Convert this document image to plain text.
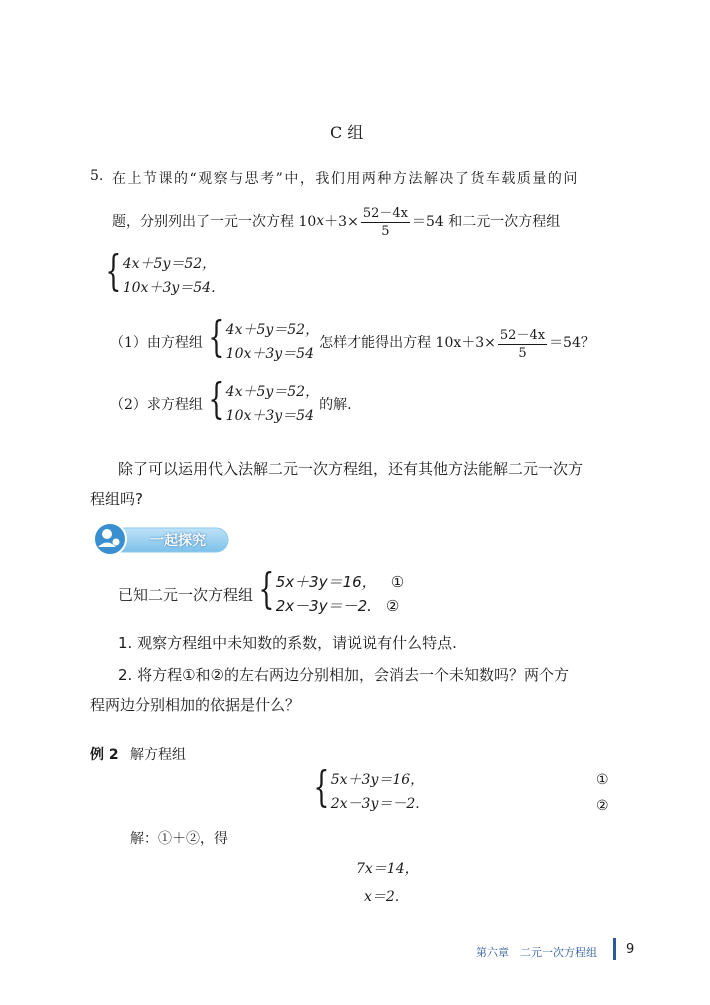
C 组
5. 在上节课的“观察与思考”中，我们用两种方法解决了货车载质量的问
题，分别列出了一元一次方程 10 $x +3\times \frac{52-4x}{5} =54$ 和二元一次方程组
{ 4x＋5y＝52，
10x＋3y＝54.
（1）由方程组 { 4x＋5y＝52，
10x＋3y＝54
怎样才能得出方程 $10x+3\times \frac{52-4x}{5} =54$？
（2）求方程组 { 4x＋5y＝52，
10x＋3y＝54
的解.
除了可以运用代入法解二元一次方程组，还有其他方法能解二元一次方
程组吗?
一起探究
已知二元一次方程组 { 5x＋3y＝16， ①
2x－3y＝－2. ②
1. 观察方程组中未知数的系数，请说说有什么特点.
2. 将方程①和②的左右两边分别相加，会消去一个未知数吗？两个方
程两边分别相加的依据是什么？
例 2 解方程组
{ 5x＋3y＝16，
2x－3y＝－2.
①
②
解：①＋②，得
7x＝14，
x＝2.
第六章　二元一次方程组 9
